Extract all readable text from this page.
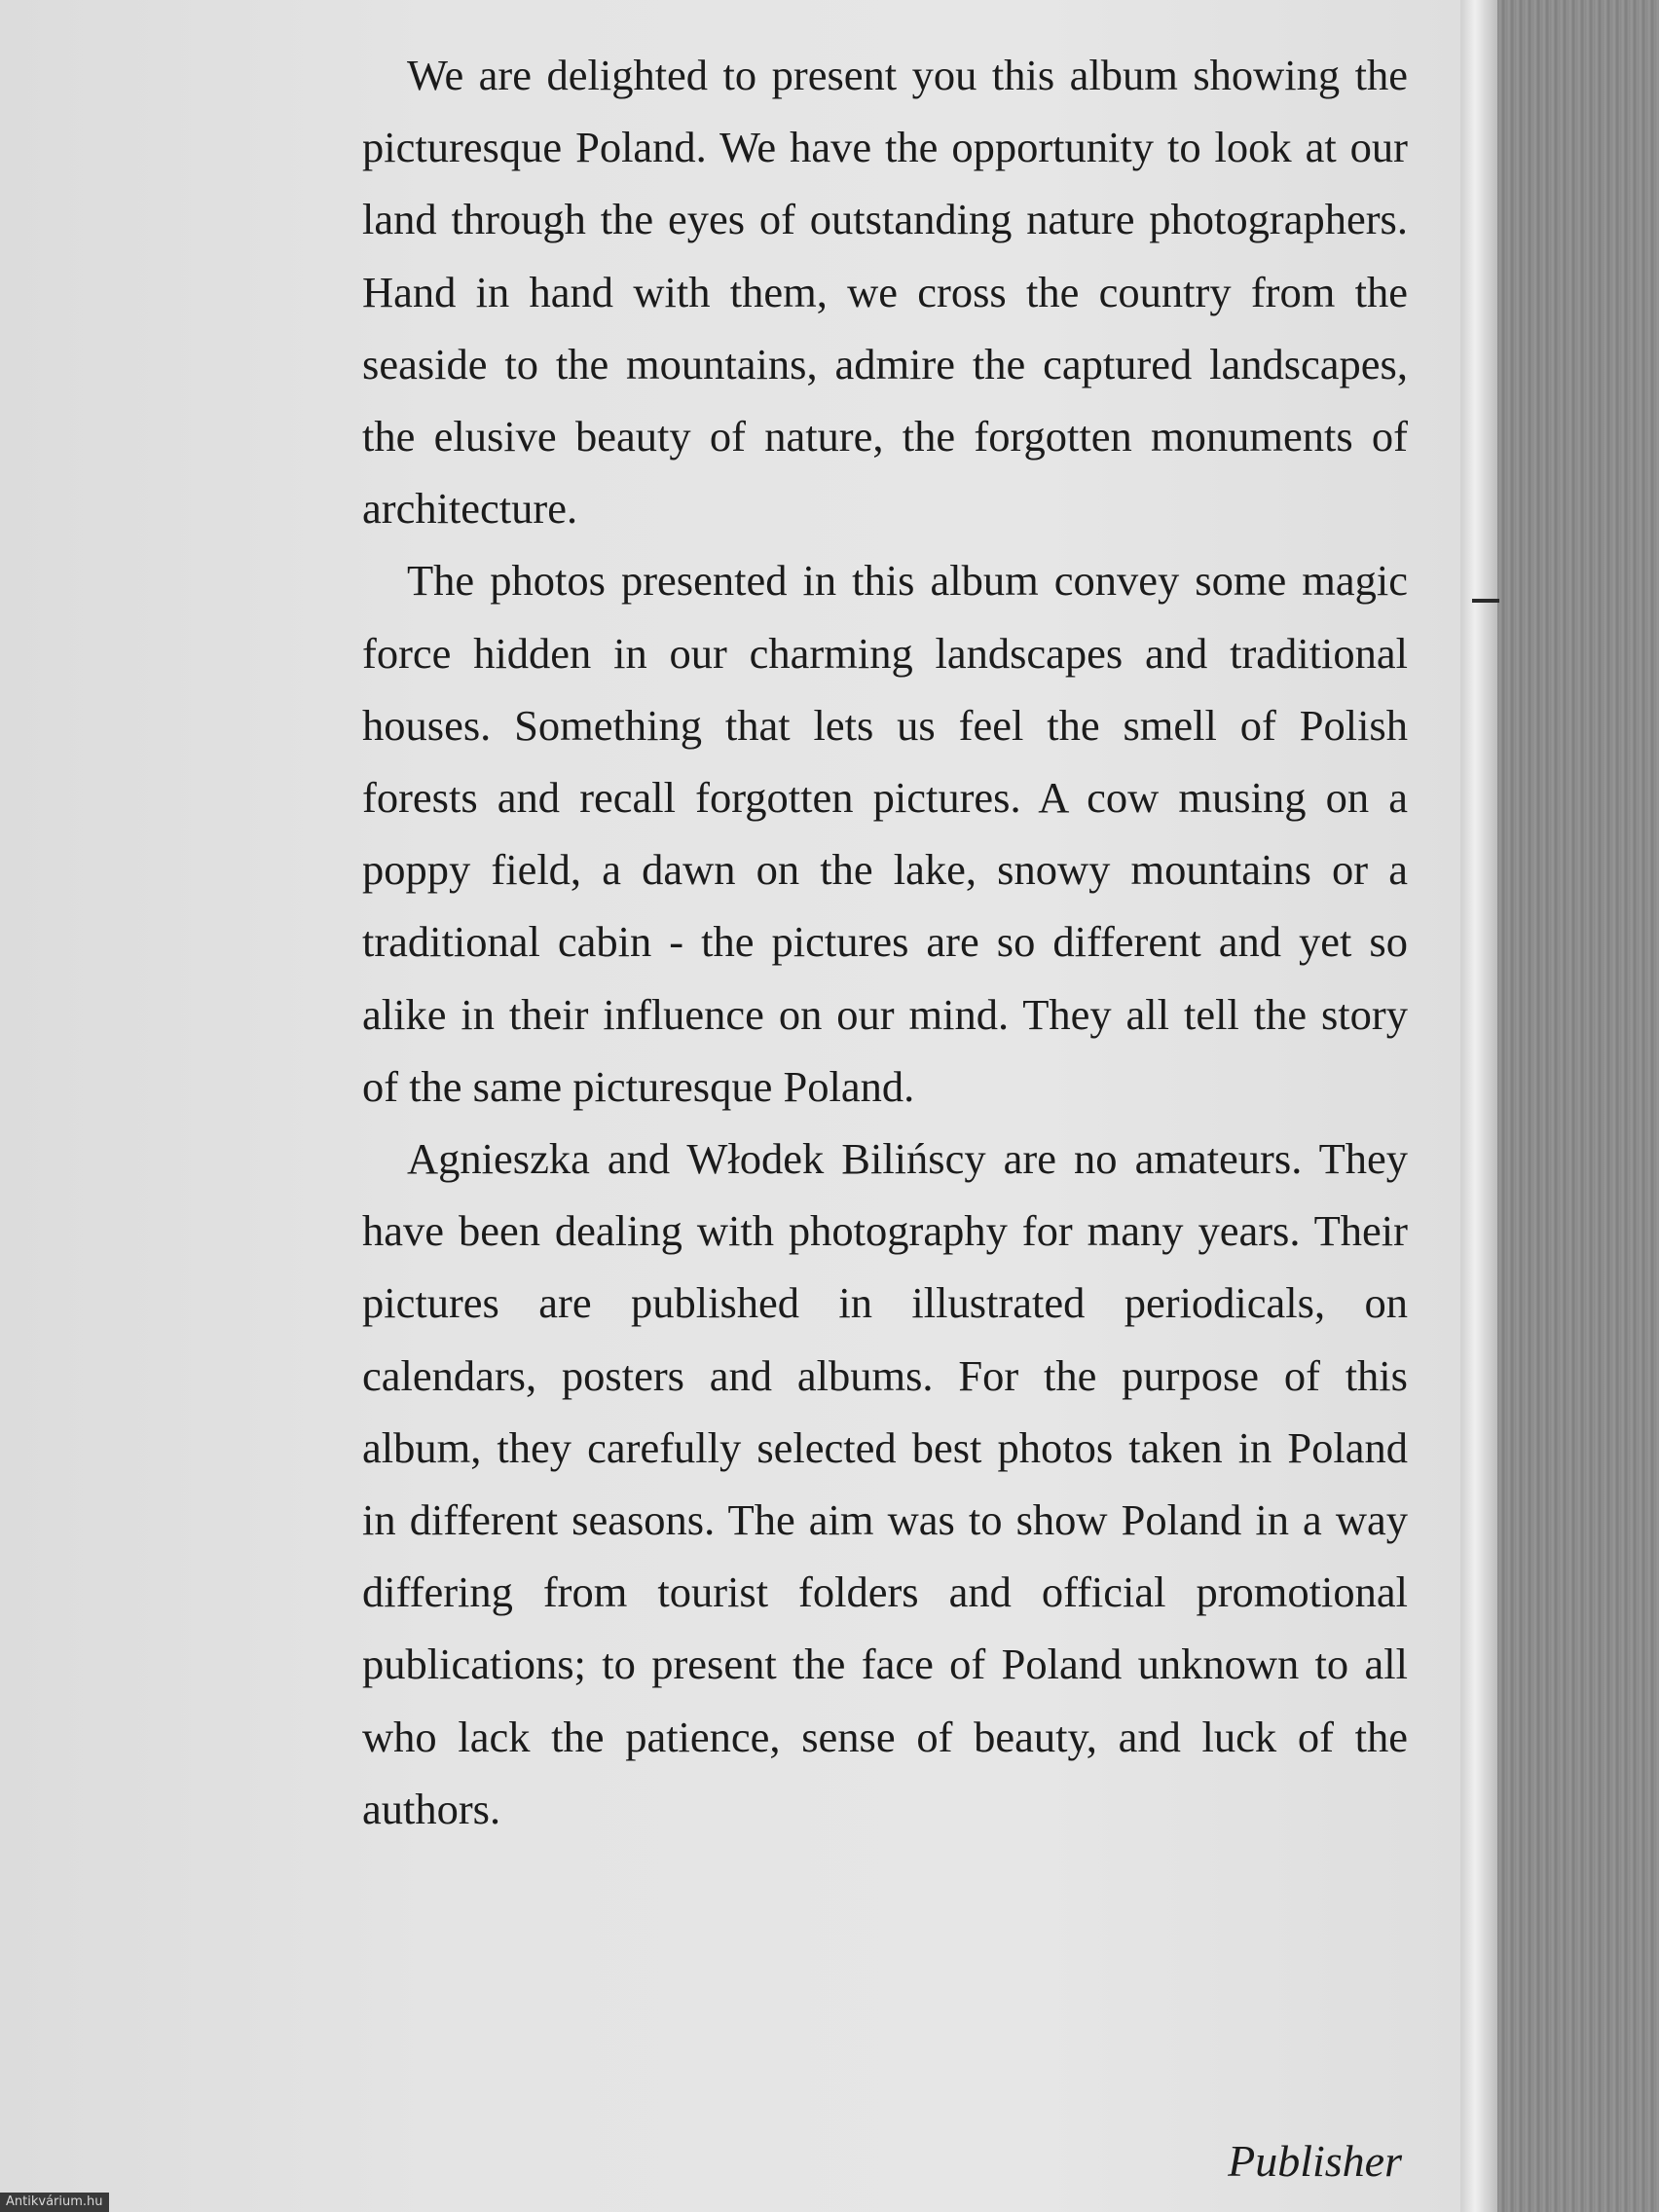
We are delighted to present you this album showing the picturesque Poland. We have the opportunity to look at our land through the eyes of outstanding nature photographers. Hand in hand with them, we cross the country from the seaside to the mountains, admire the captured landscapes, the elusive beauty of nature, the forgotten monuments of architecture.

The photos presented in this album convey some magic force hidden in our charming landscapes and traditional houses. Something that lets us feel the smell of Polish forests and recall forgotten pictures. A cow musing on a poppy field, a dawn on the lake, snowy mountains or a traditional cabin - the pictures are so different and yet so alike in their influence on our mind. They all tell the story of the same picturesque Poland.

Agnieszka and Włodek Bilińscy are no amateurs. They have been dealing with photography for many years. Their pictures are published in illustrated periodicals, on calendars, posters and albums. For the purpose of this album, they carefully selected best photos taken in Poland in different seasons. The aim was to show Poland in a way differing from tourist folders and official promotional publications; to present the face of Poland unknown to all who lack the patience, sense of beauty, and luck of the authors.

Publisher
Antikvárium.hu
